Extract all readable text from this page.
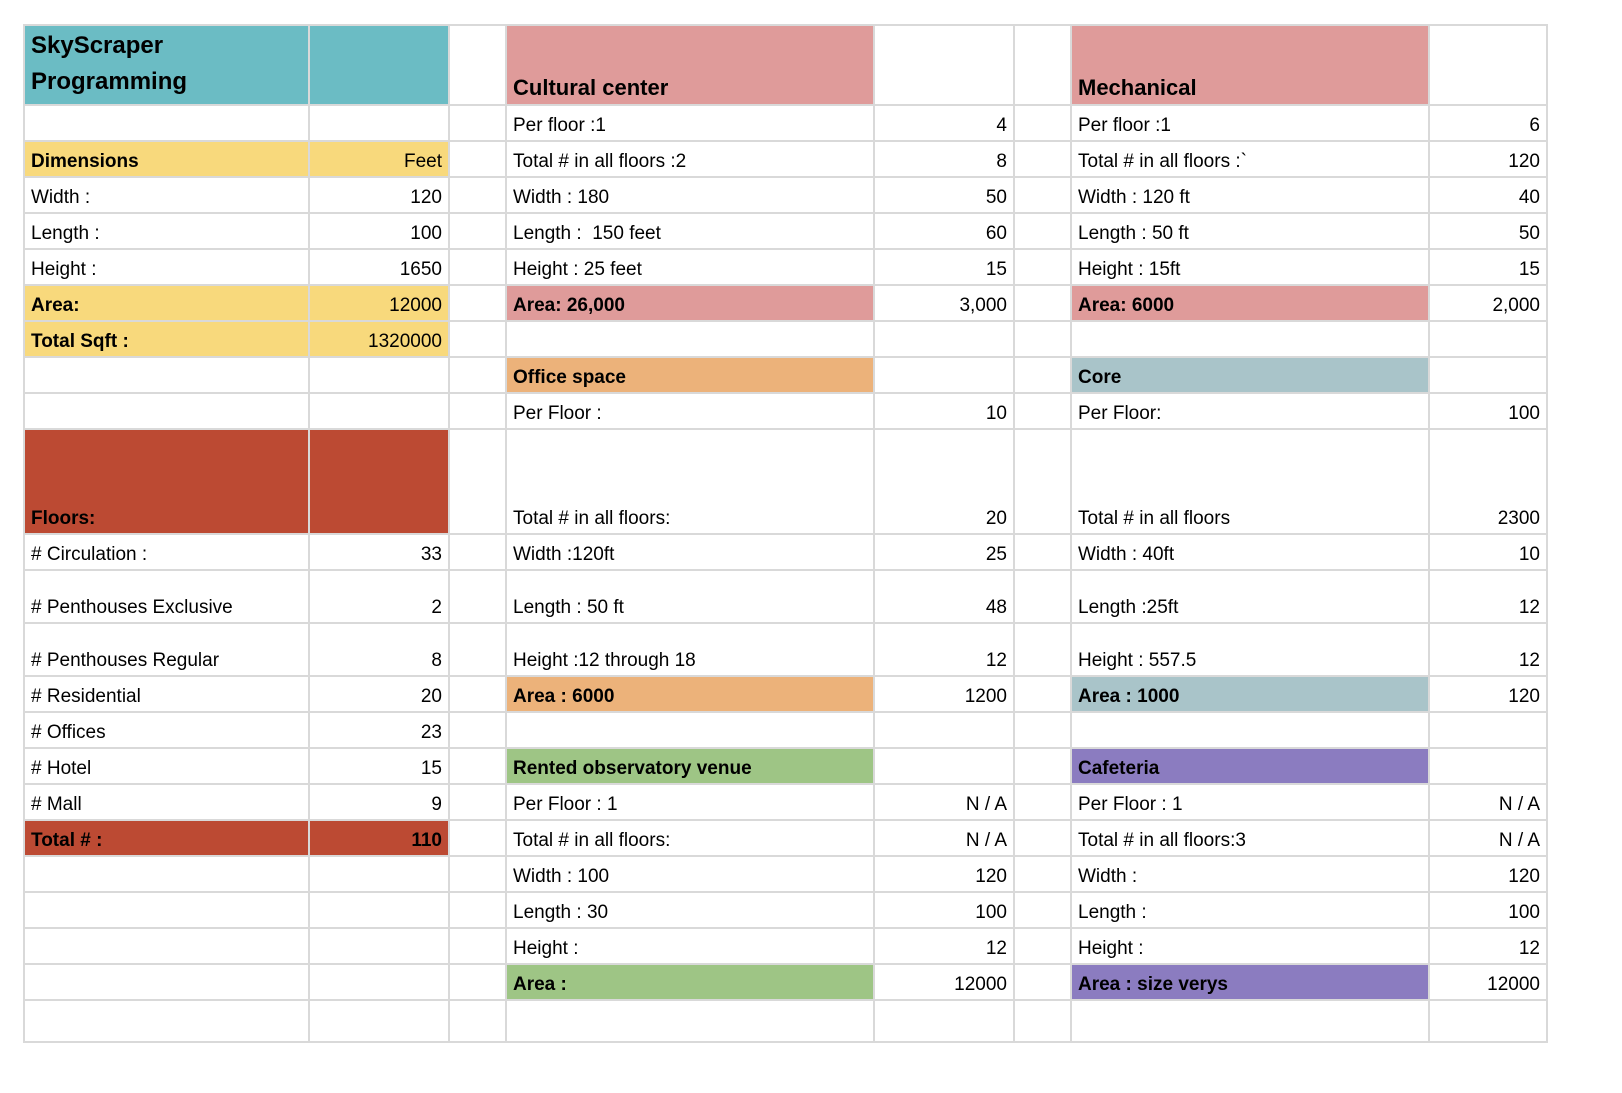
SkyScraper Programming			Cultural center			Mechanical	
			Per floor :1	4		Per floor :1	6
Dimensions	Feet		Total # in all floors :2	8		Total # in all floors :`	120
Width :	120		Width : 180	50		Width : 120 ft	40
Length :	100		Length :  150 feet	60		Length : 50 ft	50
Height :	1650		Height : 25 feet	15		Height : 15ft	15
Area:	12000		Area: 26,000	3,000		Area: 6000	2,000
Total Sqft :	1320000						
			Office space			Core	
			Per Floor :	10		Per Floor:	100
Floors:			Total # in all floors:	20		Total # in all floors	2300
# Circulation :	33		Width :120ft	25		Width : 40ft	10
# Penthouses Exclusive	2		Length : 50 ft	48		Length :25ft	12
# Penthouses Regular	8		Height :12 through 18	12		Height : 557.5	12
# Residential	20		Area : 6000	1200		Area : 1000	120
# Offices	23						
# Hotel	15		Rented observatory venue			Cafeteria	
# Mall	9		Per Floor : 1	N / A		Per Floor : 1	N / A
Total # :	110		Total # in all floors:	N / A		Total # in all floors:3	N / A
			Width : 100	120		Width :	120
			Length : 30	100		Length :	100
			Height :	12		Height :	12
			Area :	12000		Area : size verys	12000
